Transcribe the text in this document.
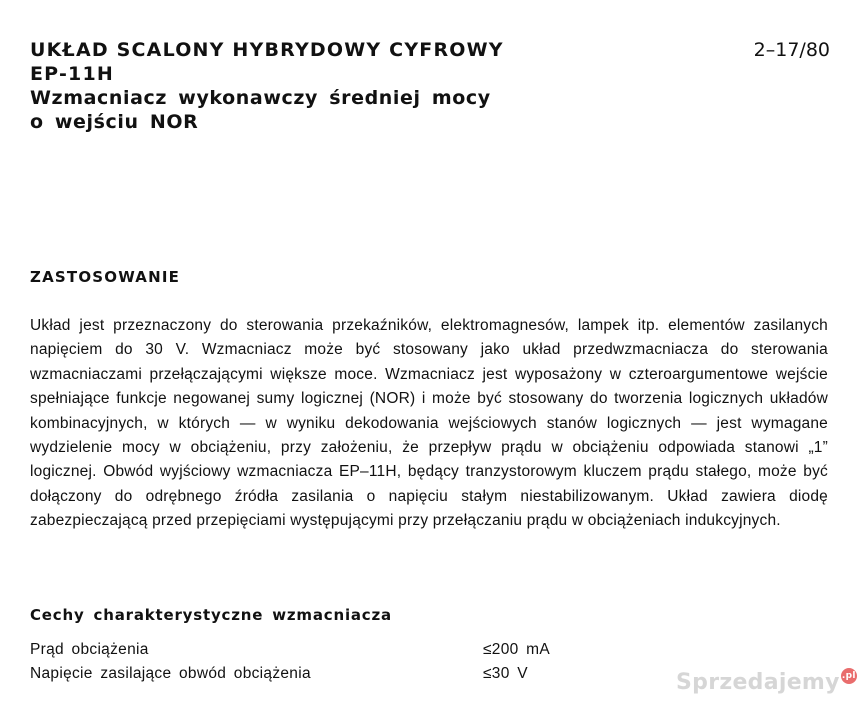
UKŁAD SCALONY HYBRYDOWY CYFROWY
EP-11H
Wzmacniacz wykonawczy średniej mocy
o wejściu NOR
2–17/80
ZASTOSOWANIE
Układ jest przeznaczony do sterowania przekaźników, elektromagnesów, lampek itp. elementów zasilanych napięciem do 30 V. Wzmacniacz może być stosowany jako układ przedwzmacniacza do sterowania wzmacniaczami przełączającymi większe moce. Wzmacniacz jest wyposażony w czteroargumentowe wejście spełniające funkcje negowanej sumy logicznej (NOR) i może być stosowany do tworzenia logicznych układów kombinacyjnych, w których — w wyniku dekodowania wejściowych stanów logicznych — jest wymagane wydzielenie mocy w obciążeniu, przy założeniu, że przepływ prądu w obciążeniu odpowiada stanowi „1” logicznej. Obwód wyjściowy wzmacniacza EP–11H, będący tranzystorowym kluczem prądu stałego, może być dołączony do odrębnego źródła zasilania o napięciu stałym niestabilizowanym. Układ zawiera diodę zabezpieczającą przed przepięciami występującymi przy przełączaniu prądu w obciążeniach indukcyjnych.
Cechy charakterystyczne wzmacniacza
Prąd obciążenia	≤200 mA
Napięcie zasilające obwód obciążenia	≤30 V	Sprzedajemy .pl
